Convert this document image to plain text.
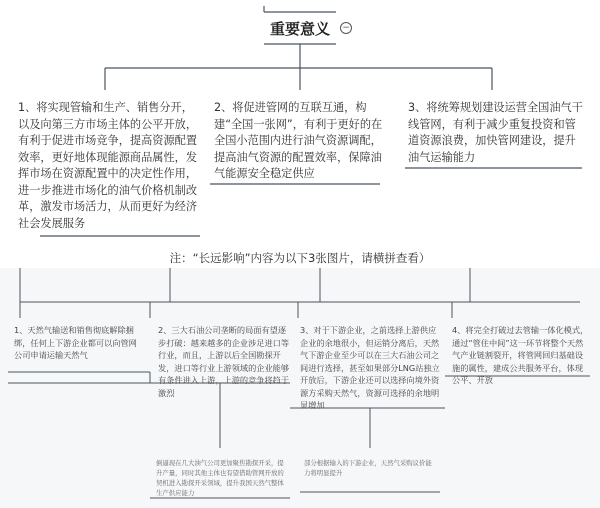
重要意义	−
1、将实现管输和生产、销售分开，以及向第三方市场主体的公平开放，有利于促进市场竞争，提高资源配置效率，更好地体现能源商品属性，发挥市场在资源配置中的决定性作用，进一步推进市场化的油气价格机制改革，激发市场活力，从而更好为经济社会发展服务
2、将促进管网的互联互通，构建“全国一张网”，有利于更好的在全国小范围内进行油气资源调配，提高油气资源的配置效率，保障油气能源安全稳定供应
3、将统筹规划建设运营全国油气干线管网，有利于减少重复投资和管道资源浪费，加快管网建设，提升油气运输能力
注：“长远影响”内容为以下3张图片，请横拼查看）
1、天然气输送和销售彻底解除捆绑，任何上下游企业都可以向管网公司申请运输天然气
2、三大石油公司垄断的局面有望逐步打破：越来越多的企业涉足进口等行业，而且，上游以后全国勘探开发，进口等行业上游领域的企业能够有条件进入上游，上游的竞争将趋于激烈
3、对于下游企业，之前选择上游供应企业的余地很小，但运销分离后，天然气下游企业至少可以在三大石油公司之间进行选择，甚至如果部分LNG站独立开放后，下游企业还可以选择向境外资源方采购天然气，资源可选择的余地明显增加
4、将完全打破过去管输一体化模式，通过“管住中间”这一环节将整个天然气产业链割裂开，将管网回归基础设施的属性，建成公共服务平台，体现公平、开放
倒逼现在几大油气公司更加聚焦勘探开采，提升产量，同时其他主体也有望借助管网开放的契机进入勘探开采领域，提升我国天然气整体生产供应能力
部分根据输入的下游企业，天然气采购议价能力将明显提升
